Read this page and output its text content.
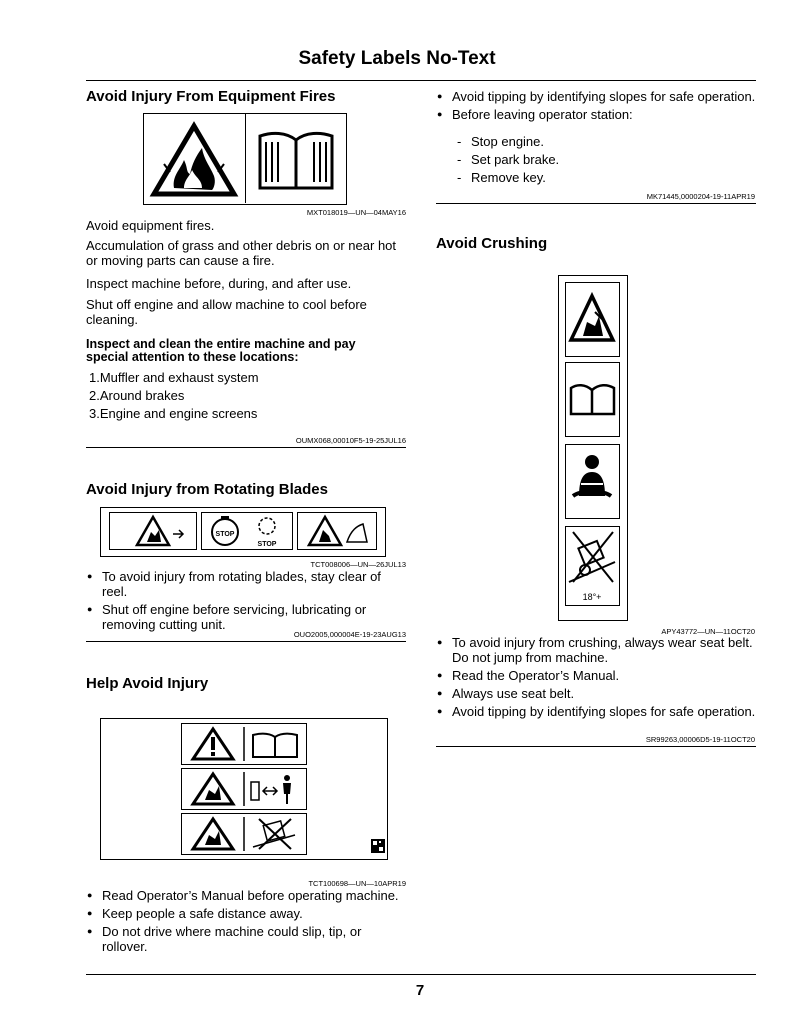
Safety Labels No-Text
Avoid Injury From Equipment Fires
MXT018019—UN—04MAY16
Avoid equipment fires.
Accumulation of grass and other debris on or near hot or moving parts can cause a fire.
Inspect machine before, during, and after use.
Shut off engine and allow machine to cool before cleaning.
Inspect and clean the entire machine and pay special attention to these locations:
1.Muffler and exhaust system
2.Around brakes
3.Engine and engine screens
OUMX068,00010F5-19-25JUL16
Avoid Injury from Rotating Blades
STOP
STOP
TCT008006—UN—26JUL13
● To avoid injury from rotating blades, stay clear of reel.
● Shut off engine before servicing, lubricating or removing cutting unit.
OUO2005,000004E-19-23AUG13
Help Avoid Injury
TCT100698—UN—10APR19
● Read Operator’s Manual before operating machine.
● Keep people a safe distance away.
● Do not drive where machine could slip, tip, or rollover.
● Avoid tipping by identifying slopes for safe operation.
● Before leaving operator station:
- Stop engine.
- Set park brake.
- Remove key.
MK71445,0000204-19-11APR19
Avoid Crushing
18°+
APY43772—UN—11OCT20
● To avoid injury from crushing, always wear seat belt. Do not jump from machine.
● Read the Operator’s Manual.
● Always use seat belt.
● Avoid tipping by identifying slopes for safe operation.
SR99263,00006D5-19-11OCT20
7
